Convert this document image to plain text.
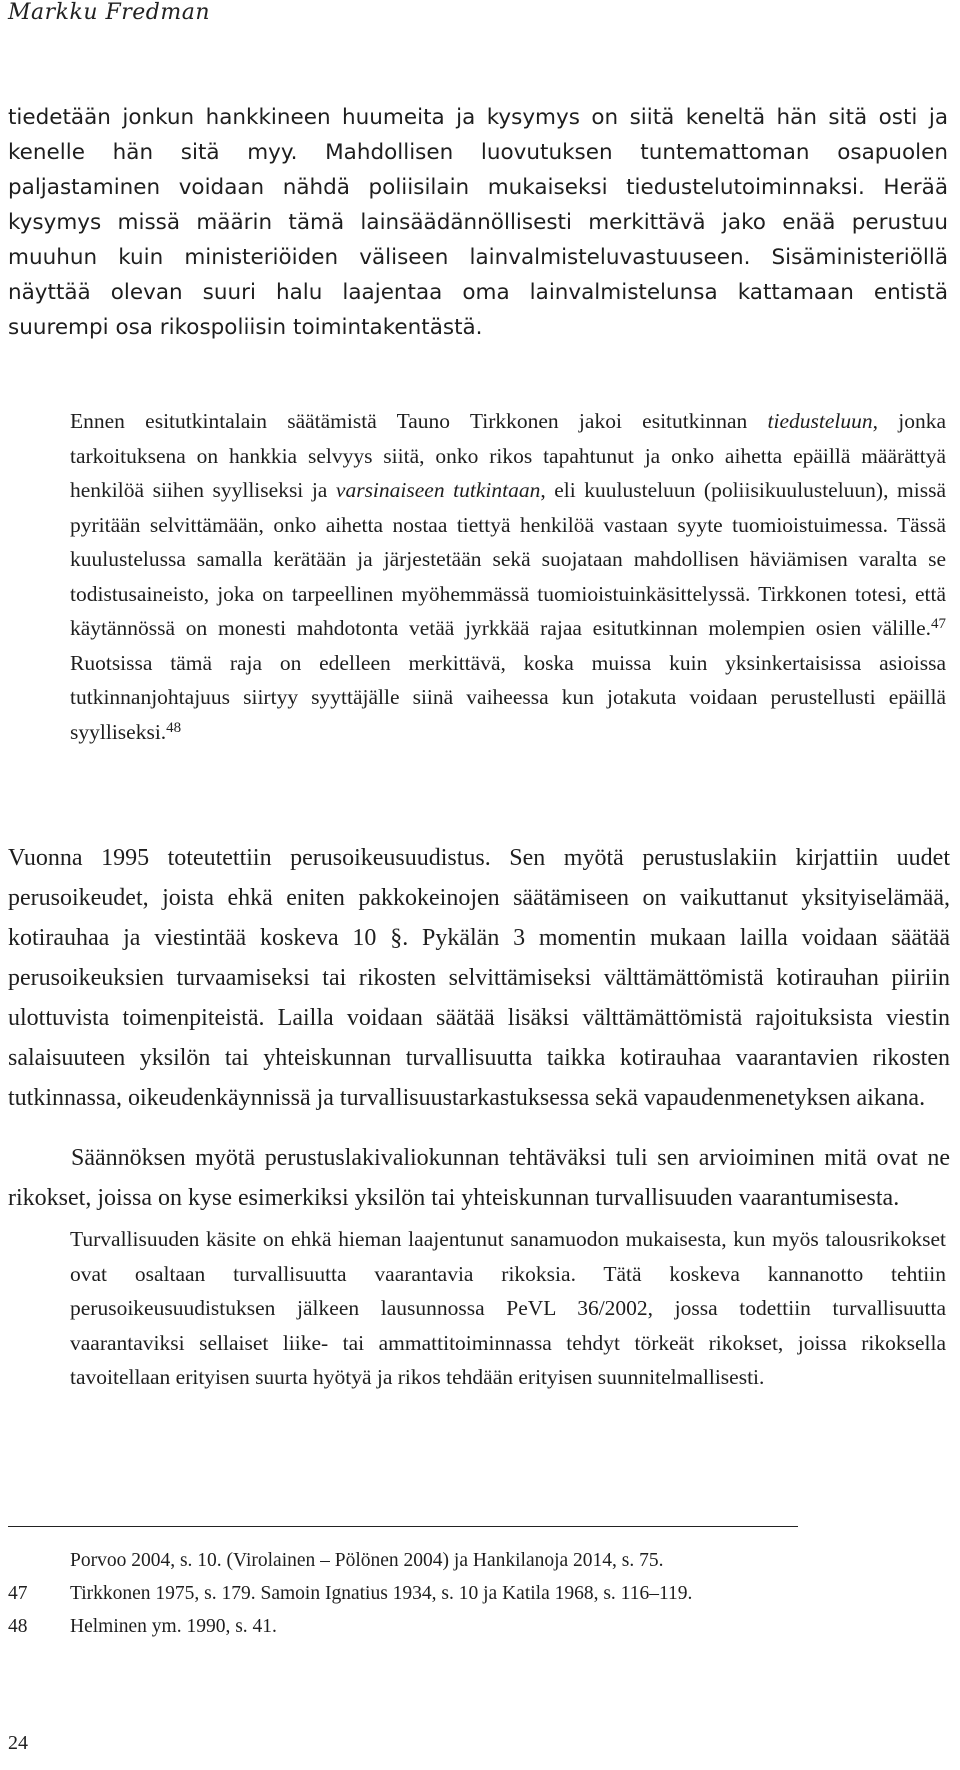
Markku Fredman

tiedetään jonkun hankkineen huumeita ja kysymys on siitä keneltä hän sitä osti ja kenelle hän sitä myy. Mahdollisen luovutuksen tuntemattoman osapuolen paljastaminen voidaan nähdä poliisilain mukaiseksi tiedustelutoiminnaksi. Herää kysymys missä määrin tämä lainsäädännöllisesti merkittävä jako enää perustuu muuhun kuin ministeriöiden väliseen lainvalmisteluvastuuseen. Sisäministeriöllä näyttää olevan suuri halu laajentaa oma lainvalmistelunsa kattamaan entistä suurempi osa rikospoliisin toimintakentästä.

Ennen esitutkintalain säätämistä Tauno Tirkkonen jakoi esitutkinnan tiedusteluun, jonka tarkoituksena on hankkia selvyys siitä, onko rikos tapahtunut ja onko aihetta epäillä määrättyä henkilöä siihen syylliseksi ja varsinaiseen tutkintaan, eli kuulusteluun (poliisikuulusteluun), missä pyritään selvittämään, onko aihetta nostaa tiettyä henkilöä vastaan syyte tuomioistuimessa. Tässä kuulustelussa samalla kerätään ja järjestetään sekä suojataan mahdollisen häviämisen varalta se todistusaineisto, joka on tarpeellinen myöhemmässä tuomioistuinkäsittelyssä. Tirkkonen totesi, että käytännössä on monesti mahdotonta vetää jyrkkää rajaa esitutkinnan molempien osien välille.$^{47}$ Ruotsissa tämä raja on edelleen merkittävä, koska muissa kuin yksinkertaisissa asioissa tutkinnanjohtajuus siirtyy syyttäjälle siinä vaiheessa kun jotakuta voidaan perustellusti epäillä syylliseksi.$^{48}$

Vuonna 1995 toteutettiin perusoikeusuudistus. Sen myötä perustuslakiin kirjattiin uudet perusoikeudet, joista ehkä eniten pakkokeinojen säätämiseen on vaikuttanut yksityiselämää, kotirauhaa ja viestintää koskeva 10 §. Pykälän 3 momentin mukaan lailla voidaan säätää perusoikeuksien turvaamiseksi tai rikosten selvittämiseksi välttämättömistä kotirauhan piiriin ulottuvista toimenpiteistä. Lailla voidaan säätää lisäksi välttämättömistä rajoituksista viestin salaisuuteen yksilön tai yhteiskunnan turvallisuutta taikka kotirauhaa vaarantavien rikosten tutkinnassa, oikeudenkäynnissä ja turvallisuustarkastuksessa sekä vapaudenmenetyksen aikana.

Säännöksen myötä perustuslakivaliokunnan tehtäväksi tuli sen arvioiminen mitä ovat ne rikokset, joissa on kyse esimerkiksi yksilön tai yhteiskunnan turvallisuuden vaarantumisesta.

Turvallisuuden käsite on ehkä hieman laajentunut sanamuodon mukaisesta, kun myös talousrikokset ovat osaltaan turvallisuutta vaarantavia rikoksia. Tätä koskeva kannanotto tehtiin perusoikeusuudistuksen jälkeen lausunnossa PeVL 36/2002, jossa todettiin turvallisuutta vaarantaviksi sellaiset liike- tai ammattitoiminnassa tehdyt törkeät rikokset, joissa rikoksella tavoitellaan erityisen suurta hyötyä ja rikos tehdään erityisen suunnitelmallisesti.

Porvoo 2004, s. 10. (Virolainen – Pölönen 2004) ja Hankilanoja 2014, s. 75.
47	Tirkkonen 1975, s. 179. Samoin Ignatius 1934, s. 10 ja Katila 1968, s. 116–119.
48	Helminen ym. 1990, s. 41.
24
